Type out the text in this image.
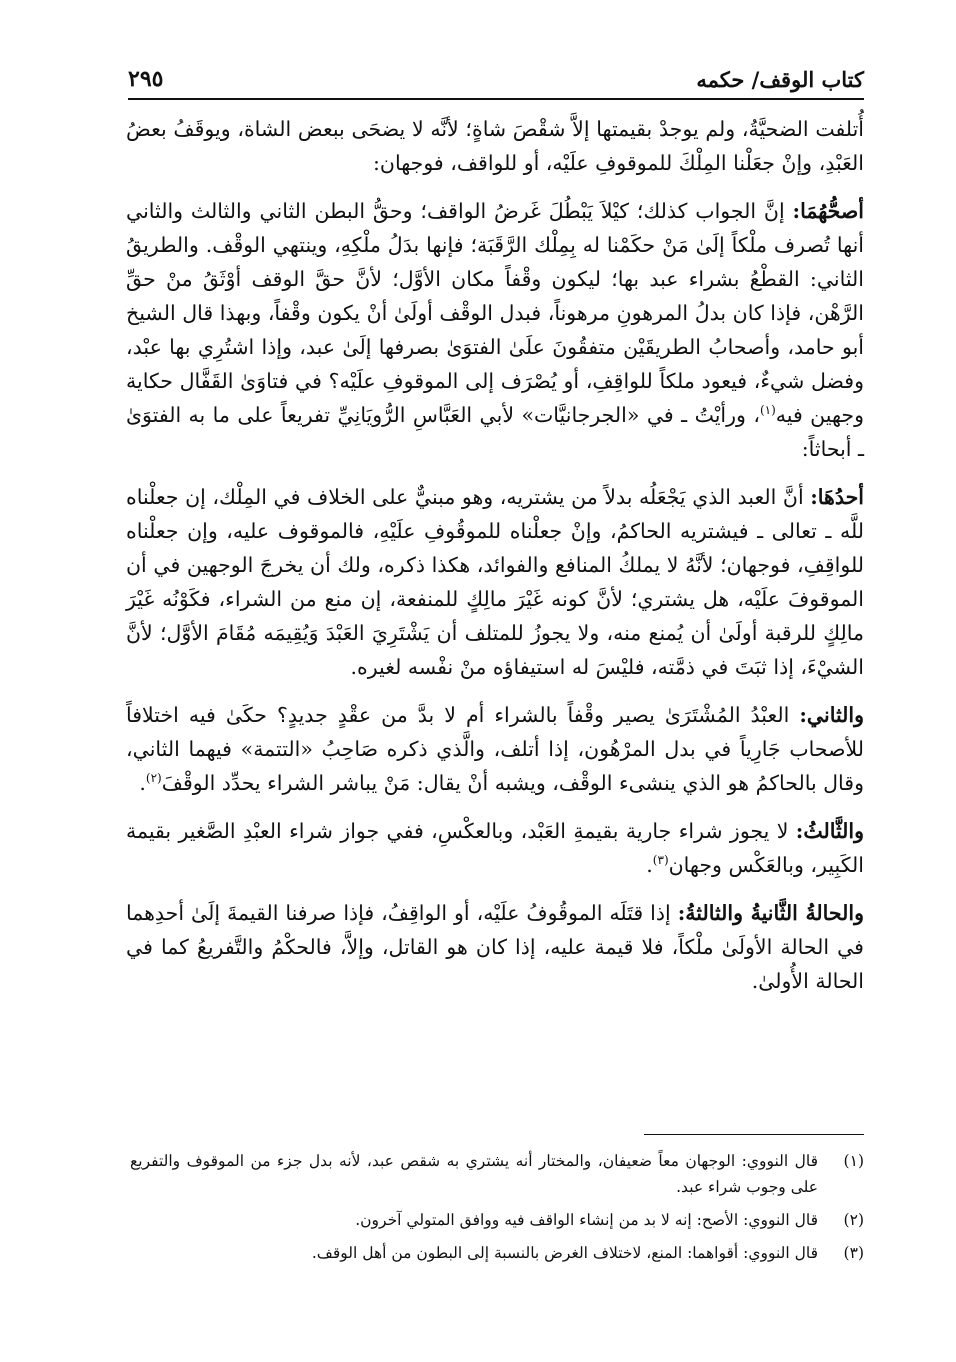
كتاب الوقف/ حكمه
٢٩٥

أُتلفت الضحيَّةُ، ولم يوجدْ بقيمتها إلاَّ شقْصَ شاةٍ؛ لأنَّه لا يضحَى ببعض الشاة، ويوقَفُ بعضُ العَبْدِ، وإنْ جعَلْنا المِلْكَ للموقوفِ علَيْه، أو للواقف، فوجهان:

أصحُّهُمَا: إنَّ الجواب كذلك؛ كيْلاَ يَبْطُلَ غَرضُ الواقف؛ وحقُّ البطن الثاني والثالث والثاني أنها تُصرف ملْكاً إلَىٰ مَنْ حكَمْنا له بِمِلْك الرَّقَبَة؛ فإنها بدَلُ ملْكِهِ، وينتهي الوقْف. والطريقُ الثاني: القطْعُ بشراء عبد بها؛ ليكون وقْفاً مكان الأوَّل؛ لأنَّ حقَّ الوقف أوْثَقُ منْ حقِّ الرَّهْن، فإذا كان بدلُ المرهونِ مرهوناً، فبدل الوقْف أولَىٰ أنْ يكون وقْفاً، وبهذا قال الشيخ أبو حامد، وأصحابُ الطريقَيْن متفقُونَ علَىٰ الفتوَىٰ بصرفها إلَىٰ عبد، وإذا اشتُرِي بها عبْد، وفضل شيءٌ، فيعود ملكاً للواقِفِ، أو يُصْرَف إلى الموقوفِ علَيْه؟ في فتاوَىٰ القَفَّال حكاية وجهين فيه$^{(١)}$، ورأيْتُ ـ في «الجرجانيَّات» لأبي العَبَّاسِ الرُّويَانِيِّ تفريعاً على ما به الفتوَىٰ ـ أبحاثاً:

أحدُهَا: أنَّ العبد الذي يَجْعَلُه بدلاً من يشتريه، وهو مبنيٌّ على الخلاف في المِلْك، إن جعلْناه للَّه ـ تعالى ـ فيشتريه الحاكمُ، وإنْ جعلْناه للموقُوفِ علَيْهِ، فالموقوف عليه، وإن جعلْناه للواقِفِ، فوجهان؛ لأنَّهُ لا يملكُ المنافع والفوائد، هكذا ذكره، ولك أن يخرجَ الوجهين في أن الموقوفَ علَيْه، هل يشتري؛ لأنَّ كونه غَيْرَ مالِكٍ للمنفعة، إن منع من الشراء، فكَوْنُه غَيْرَ مالِكٍ للرقبة أولَىٰ أن يُمنع منه، ولا يجوزُ للمتلف أن يَشْتَرِيَ العَبْدَ وَيُقِيمَه مُقَامَ الأوَّل؛ لأنَّ الشيْءَ، إذا ثبَتَ في ذمَّته، فليْسَ له استيفاؤه منْ نفْسه لغيره.

والثاني: العبْدُ المُشْتَرَىٰ يصير وقْفاً بالشراء أم لا بدَّ من عقْدٍ جديدٍ؟ حكَىٰ فيه اختلافاً للأصحاب جَارِياً في بدل المرْهُون، إذا أتلف، والَّذي ذكره صَاحِبُ «التتمة» فيهما الثاني، وقال بالحاكمُ هو الذي ينشىء الوقْف، ويشبه أنْ يقال: مَنْ يباشر الشراء يحدِّد الوقْفَ$^{(٢)}$.

والثَّالثُ: لا يجوز شراء جارية بقيمةِ العَبْد، وبالعكْسِ، ففي جواز شراء العبْدِ الصَّغير بقيمة الكَبِير، وبالعَكْس وجهان$^{(٣)}$.

والحالةُ الثَّانيةُ والثالثةُ: إذا قتَلَه الموقُوفُ علَيْه، أو الواقِفُ، فإذا صرفنا القيمةَ إلَىٰ أحدِهما في الحالة الأولَىٰ ملْكاً، فلا قيمة عليه، إذا كان هو القاتل، وإلاَّ، فالحكْمُ والتَّفريعُ كما في الحالة الأُولىٰ.

(١)
قال النووي: الوجهان معاً ضعيفان، والمختار أنه يشتري به شقص عبد، لأنه بدل جزء من الموقوف والتفريع على وجوب شراء عبد.
(٢)
قال النووي: الأصح: إنه لا بد من إنشاء الواقف فيه ووافق المتولي آخرون.
(٣)
قال النووي: أقواهما: المنع، لاختلاف الغرض بالنسبة إلى البطون من أهل الوقف.
